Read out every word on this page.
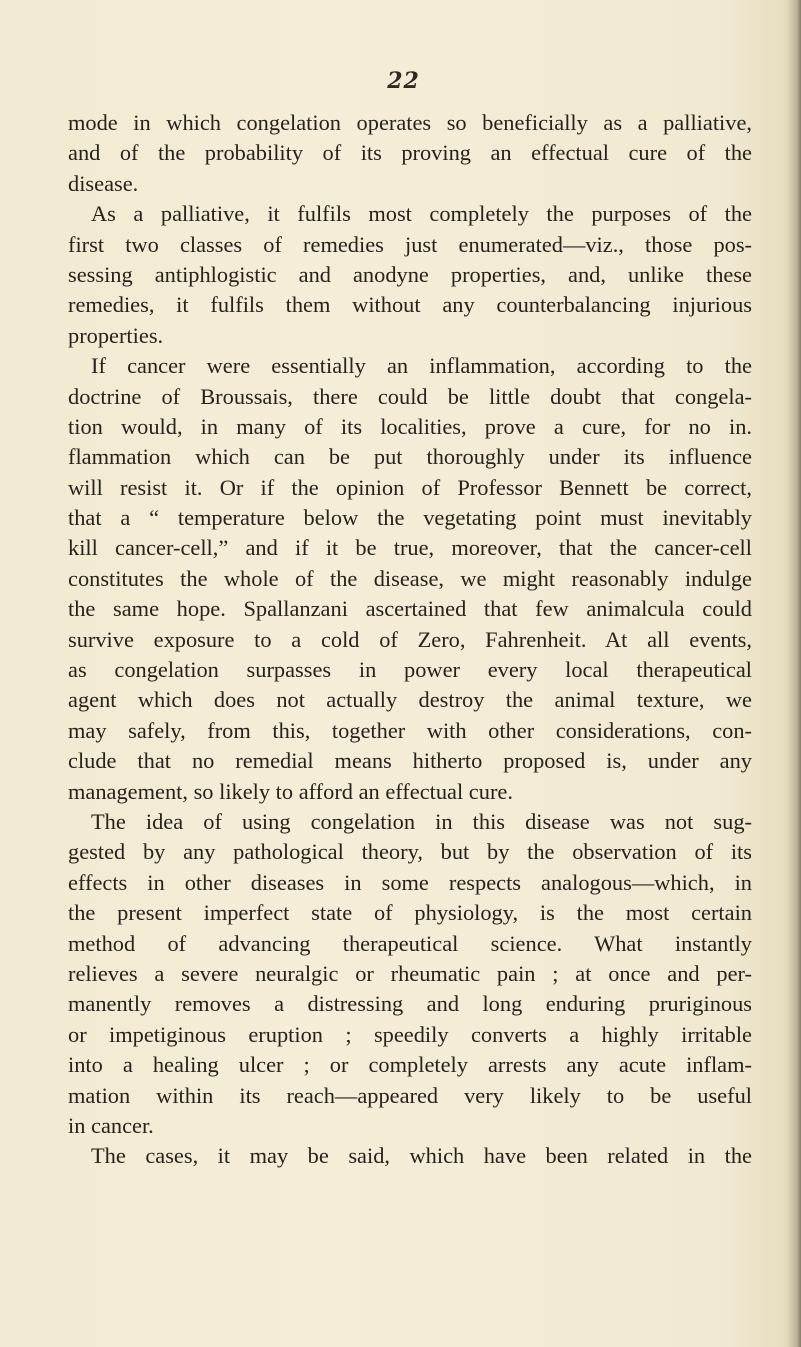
22
mode in which congelation operates so beneficially as a palliative,
and of the probability of its proving an effectual cure of the
disease.
As a palliative, it fulfils most completely the purposes of the
first two classes of remedies just enumerated—viz., those pos-
sessing antiphlogistic and anodyne properties, and, unlike these
remedies, it fulfils them without any counterbalancing injurious
properties.
If cancer were essentially an inflammation, according to the
doctrine of Broussais, there could be little doubt that congela-
tion would, in many of its localities, prove a cure, for no in.
flammation which can be put thoroughly under its influence
will resist it. Or if the opinion of Professor Bennett be correct,
that a “ temperature below the vegetating point must inevitably
kill cancer-cell,” and if it be true, moreover, that the cancer-cell
constitutes the whole of the disease, we might reasonably indulge
the same hope. Spallanzani ascertained that few animalcula could
survive exposure to a cold of Zero, Fahrenheit. At all events,
as congelation surpasses in power every local therapeutical
agent which does not actually destroy the animal texture, we
may safely, from this, together with other considerations, con-
clude that no remedial means hitherto proposed is, under any
management, so likely to afford an effectual cure.
The idea of using congelation in this disease was not sug-
gested by any pathological theory, but by the observation of its
effects in other diseases in some respects analogous—which, in
the present imperfect state of physiology, is the most certain
method of advancing therapeutical science. What instantly
relieves a severe neuralgic or rheumatic pain ; at once and per-
manently removes a distressing and long enduring pruriginous
or impetiginous eruption ; speedily converts a highly irritable
into a healing ulcer ; or completely arrests any acute inflam-
mation within its reach—appeared very likely to be useful
in cancer.
The cases, it may be said, which have been related in the
